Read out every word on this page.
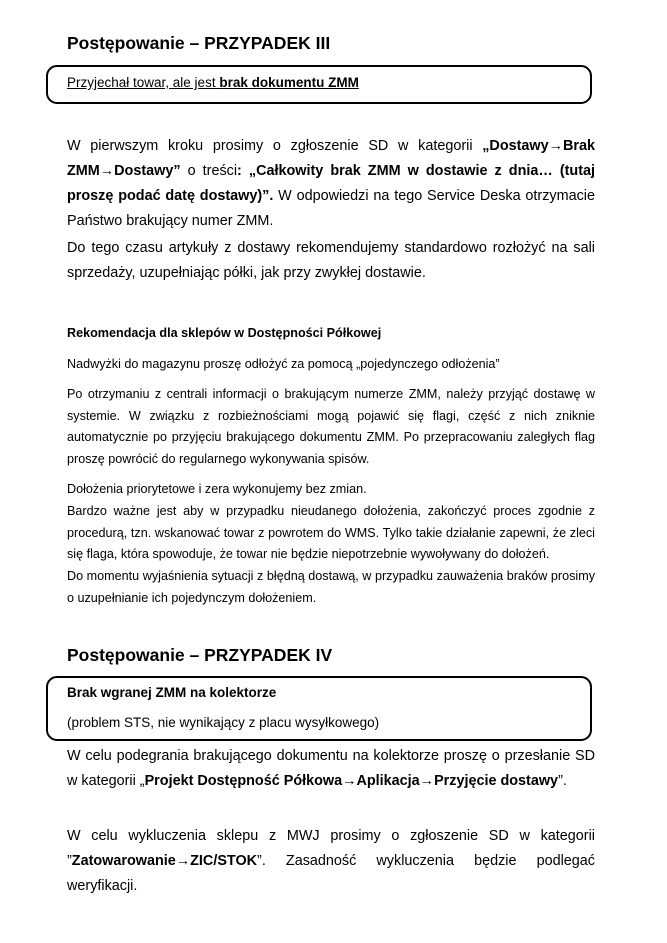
Postępowanie – PRZYPADEK III
Przyjechał towar, ale jest brak dokumentu ZMM

W pierwszym kroku prosimy o zgłoszenie SD w kategorii „Dostawy→Brak ZMM→Dostawy” o treści: „Całkowity brak ZMM w dostawie z dnia… (tutaj proszę podać datę dostawy)”. W odpowiedzi na tego Service Deska otrzymacie Państwo brakujący numer ZMM.

Do tego czasu artykuły z dostawy rekomendujemy standardowo rozłożyć na sali sprzedaży, uzupełniając półki, jak przy zwykłej dostawie.

Rekomendacja dla sklepów w Dostępności Półkowej

Nadwyżki do magazynu proszę odłożyć za pomocą „pojedynczego odłożenia”

Po otrzymaniu z centrali informacji o brakującym numerze ZMM, należy przyjąć dostawę w systemie. W związku z rozbieżnościami mogą pojawić się flagi, część z nich zniknie automatycznie po przyjęciu brakującego dokumentu ZMM. Po przepracowaniu zaległych flag proszę powrócić do regularnego wykonywania spisów.

Dołożenia priorytetowe i zera wykonujemy bez zmian.

Bardzo ważne jest aby w przypadku nieudanego dołożenia, zakończyć proces zgodnie z procedurą, tzn. wskanować towar z powrotem do WMS. Tylko takie działanie zapewni, że zleci się flaga, która spowoduje, że towar nie będzie niepotrzebnie wywoływany do dołożeń.

Do momentu wyjaśnienia sytuacji z błędną dostawą, w przypadku zauważenia braków prosimy o uzupełnianie ich pojedynczym dołożeniem.

Postępowanie – PRZYPADEK IV
Brak wgranej ZMM na kolektorze
(problem STS, nie wynikający z placu wysyłkowego)

W celu podegrania brakującego dokumentu na kolektorze proszę o przesłanie SD w kategorii „Projekt Dostępność Półkowa→Aplikacja→Przyjęcie dostawy”.

W celu wykluczenia sklepu z MWJ prosimy o zgłoszenie SD w kategorii ”Zatowarowanie→ZIC/STOK”. Zasadność wykluczenia będzie podlegać weryfikacji.
